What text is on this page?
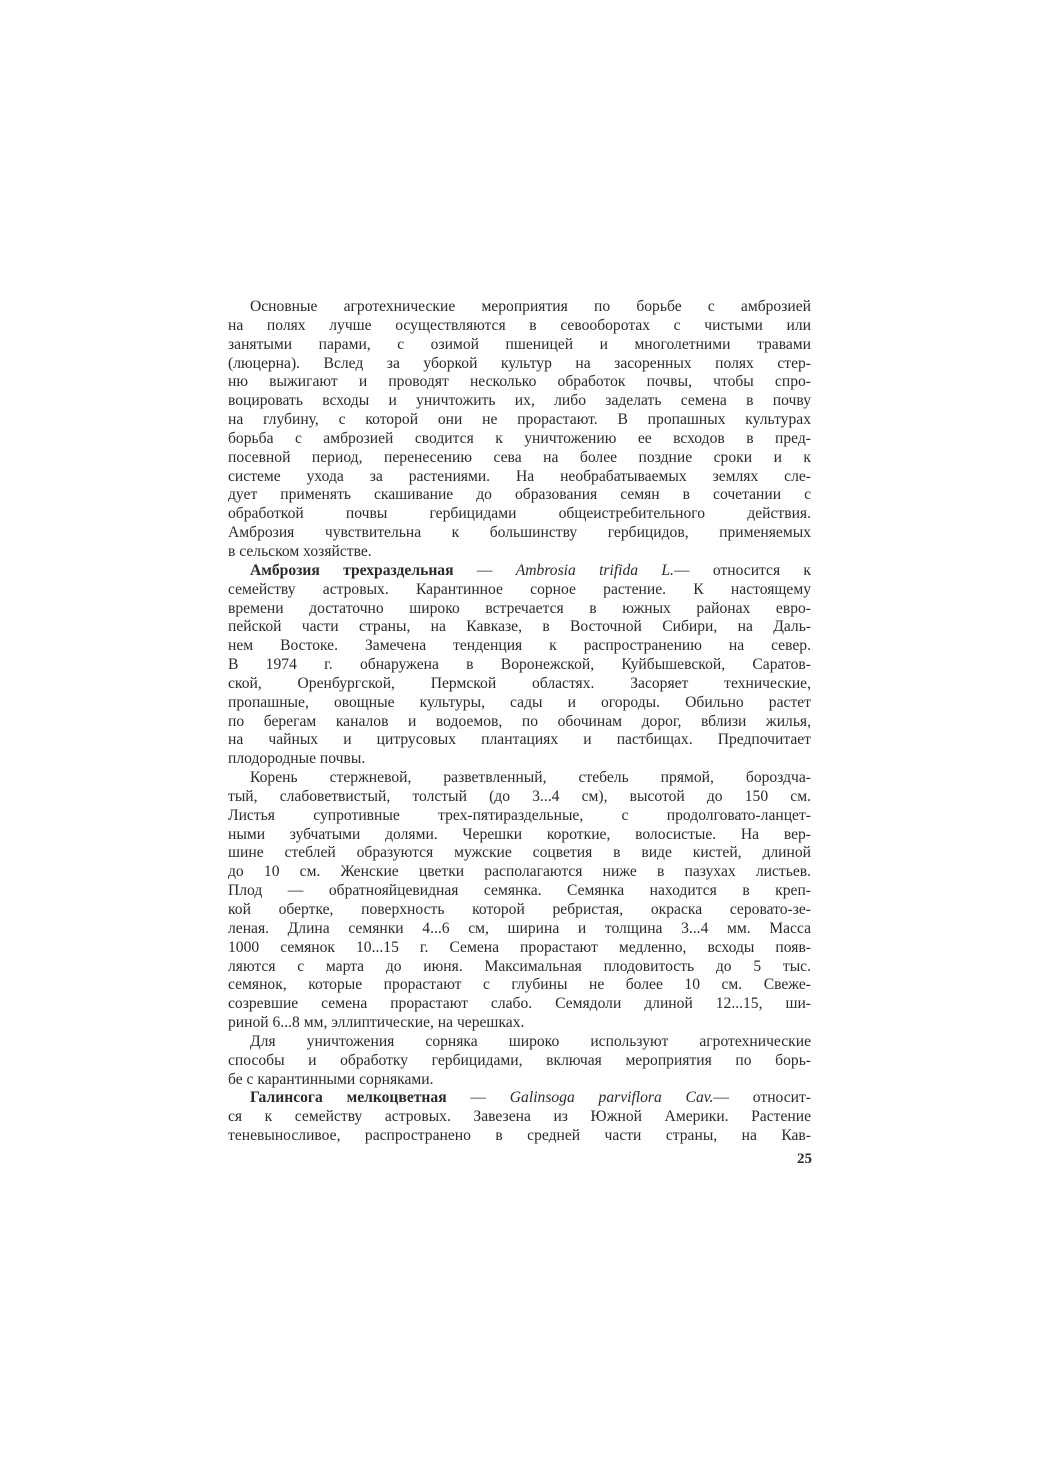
Основные агротехнические мероприятия по борьбе с амброзией
на полях лучше осуществляются в севооборотах с чистыми или
занятыми парами, с озимой пшеницей и многолетними травами
(люцерна). Вслед за уборкой культур на засоренных полях стер-
ню выжигают и проводят несколько обработок почвы, чтобы спро-
воцировать всходы и уничтожить их, либо заделать семена в почву
на глубину, с которой они не прорастают. В пропашных культурах
борьба с амброзией сводится к уничтожению ее всходов в пред-
посевной период, перенесению сева на более поздние сроки и к
системе ухода за растениями. На необрабатываемых землях сле-
дует применять скашивание до образования семян в сочетании с
обработкой почвы гербицидами общеистребительного действия.
Амброзия чувствительна к большинству гербицидов, применяемых
в сельском хозяйстве.
Амброзия трехраздельная — Ambrosia trifida L.— относится к
семейству астровых. Карантинное сорное растение. К настоящему
времени достаточно широко встречается в южных районах евро-
пейской части страны, на Кавказе, в Восточной Сибири, на Даль-
нем Востоке. Замечена тенденция к распространению на север.
В 1974 г. обнаружена в Воронежской, Куйбышевской, Саратов-
ской, Оренбургской, Пермской областях. Засоряет технические,
пропашные, овощные культуры, сады и огороды. Обильно растет
по берегам каналов и водоемов, по обочинам дорог, вблизи жилья,
на чайных и цитрусовых плантациях и пастбищах. Предпочитает
плодородные почвы.
Корень стержневой, разветвленный, стебель прямой, бороздча-
тый, слабоветвистый, толстый (до 3...4 см), высотой до 150 см.
Листья супротивные трех-пятираздельные, с продолговато-ланцет-
ными зубчатыми долями. Черешки короткие, волосистые. На вер-
шине стеблей образуются мужские соцветия в виде кистей, длиной
до 10 см. Женские цветки располагаются ниже в пазухах листьев.
Плод — обратнояйцевидная семянка. Семянка находится в креп-
кой обертке, поверхность которой ребристая, окраска серовато-зе-
леная. Длина семянки 4...6 см, ширина и толщина 3...4 мм. Масса
1000 семянок 10...15 г. Семена прорастают медленно, всходы появ-
ляются с марта до июня. Максимальная плодовитость до 5 тыс.
семянок, которые прорастают с глубины не более 10 см. Свеже-
созревшие семена прорастают слабо. Семядоли длиной 12...15, ши-
риной 6...8 мм, эллиптические, на черешках.
Для уничтожения сорняка широко используют агротехнические
способы и обработку гербицидами, включая мероприятия по борь-
бе с карантинными сорняками.
Галинсога мелкоцветная — Galinsoga parviflora Cav.— относит-
ся к семейству астровых. Завезена из Южной Америки. Растение
теневыносливое, распространено в средней части страны, на Кав-
25
